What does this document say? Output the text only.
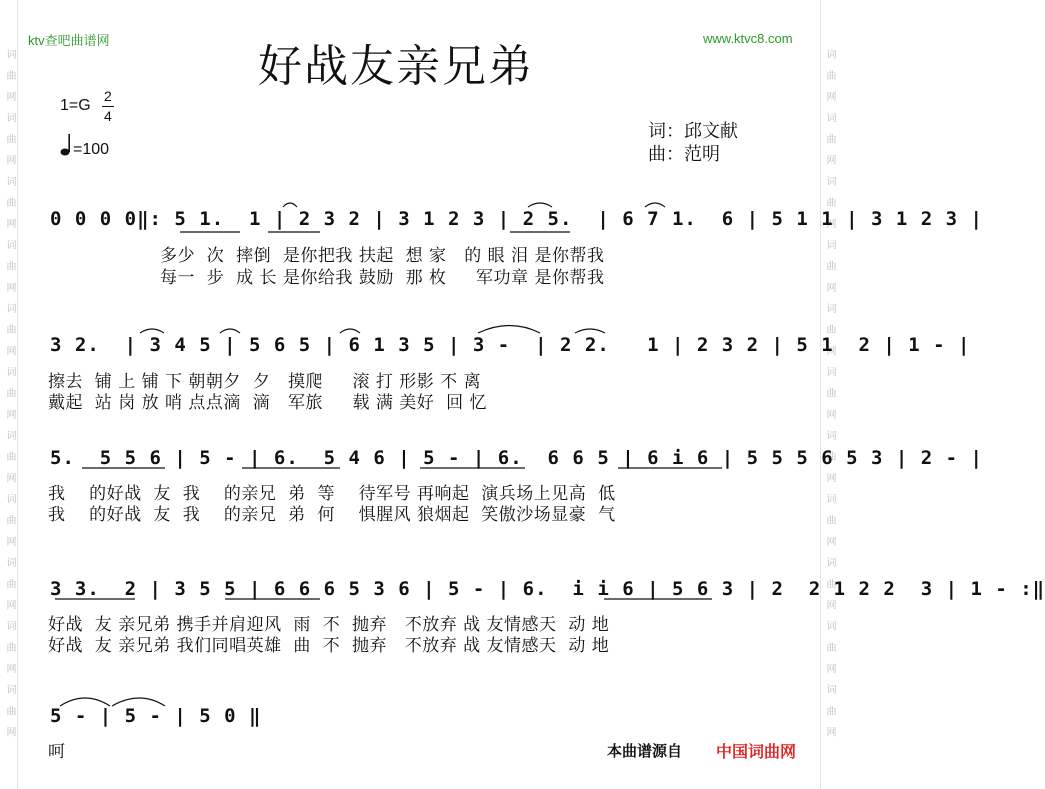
词 曲 网 词 曲 网 词 曲 网 词 曲 网 词 曲 网 词 曲 网 词 曲 网 词 曲 网 词 曲 网 词 曲 网 词 曲 网	词 曲 网 词 曲 网 词 曲 网 词 曲 网 词 曲 网 词 曲 网 词 曲 网 词 曲 网 词 曲 网 词 曲 网 词 曲 网
ktv查吧曲谱网	www.ktvc8.com
好战友亲兄弟
1=G
2
4
=100
词：邱文献
曲：范明
0 0 0 0‖: 5 1.  1 | 2 3 2 | 3 1 2 3 | 2 5.  | 6 7 1.  6 | 5 1 1 | 3 1 2 3 |
多少  次  摔倒  是你把我 扶起  想 家   的 眼 泪 是你帮我
每一  步  成 长 是你给我 鼓励  那 枚     军功章 是你帮我
3 2.  | 3 4 5 | 5 6 5 | 6 1 3 5 | 3 -  | 2 2.   1 | 2 3 2 | 5 1  2 | 1 - |
擦去  铺 上 铺 下 朝朝夕  夕   摸爬     滚 打 形影 不 离
戴起  站 岗 放 哨 点点滴  滴   军旅     载 满 美好  回 忆
5.  5 5 6 | 5 - | 6.  5 4 6 | 5 - | 6.  6 6 5 | 6 i 6 | 5 5 5 6 5 3 | 2 - |
我    的好战  友  我    的亲兄  弟  等    待军号 再响起  演兵场上见高  低
我    的好战  友  我    的亲兄  弟  何    惧腥风 狼烟起  笑傲沙场显豪  气
3 3.  2 | 3 5 5 | 6 6 6 5 3 6 | 5 - | 6.  i i 6 | 5 6 3 | 2  2 1 2 2  3 | 1 - :‖
好战  友 亲兄弟 携手并肩迎风  雨  不  抛弃   不放弃 战 友情感天  动 地
好战  友 亲兄弟 我们同唱英雄  曲  不  抛弃   不放弃 战 友情感天  动 地
5 - | 5 - | 5 0 ‖
呵	本曲谱源自 中国词曲网
